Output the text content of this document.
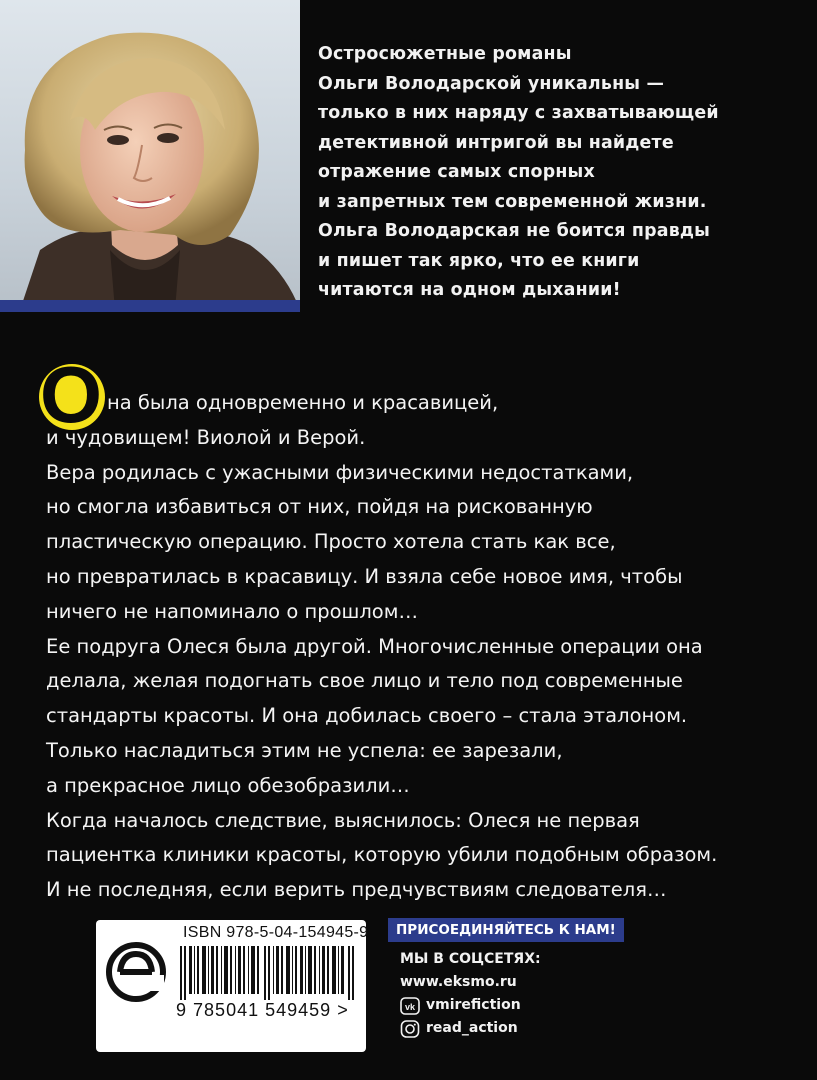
Остросюжетные романы
Ольги Володарской уникальны —
только в них наряду с захватывающей
детективной интригой вы найдете
отражение самых спорных
и запретных тем современной жизни.
Ольга Володарская не боится правды
и пишет так ярко, что ее книги
читаются на одном дыхании!

О на была одновременно и красавицей,
и чудовищем! Виолой и Верой.
Вера родилась с ужасными физическими недостатками,
но смогла избавиться от них, пойдя на рискованную
пластическую операцию. Просто хотела стать как все,
но превратилась в красавицу. И взяла себе новое имя, чтобы
ничего не напоминало о прошлом…
Ее подруга Олеся была другой. Многочисленные операции она
делала, желая подогнать свое лицо и тело под современные
стандарты красоты. И она добилась своего – стала эталоном.
Только насладиться этим не успела: ее зарезали,
а прекрасное лицо обезобразили…
Когда началось следствие, выяснилось: Олеся не первая
пациентка клиники красоты, которую убили подобным образом.
И не последняя, если верить предчувствиям следователя…
ISBN 978-5-04-154945-9
9 785041 549459 >
ПРИСОЕДИНЯЙТЕСЬ К НАМ!
МЫ В СОЦСЕТЯХ:
www.eksmo.ru
vk vmirefiction
read_action
